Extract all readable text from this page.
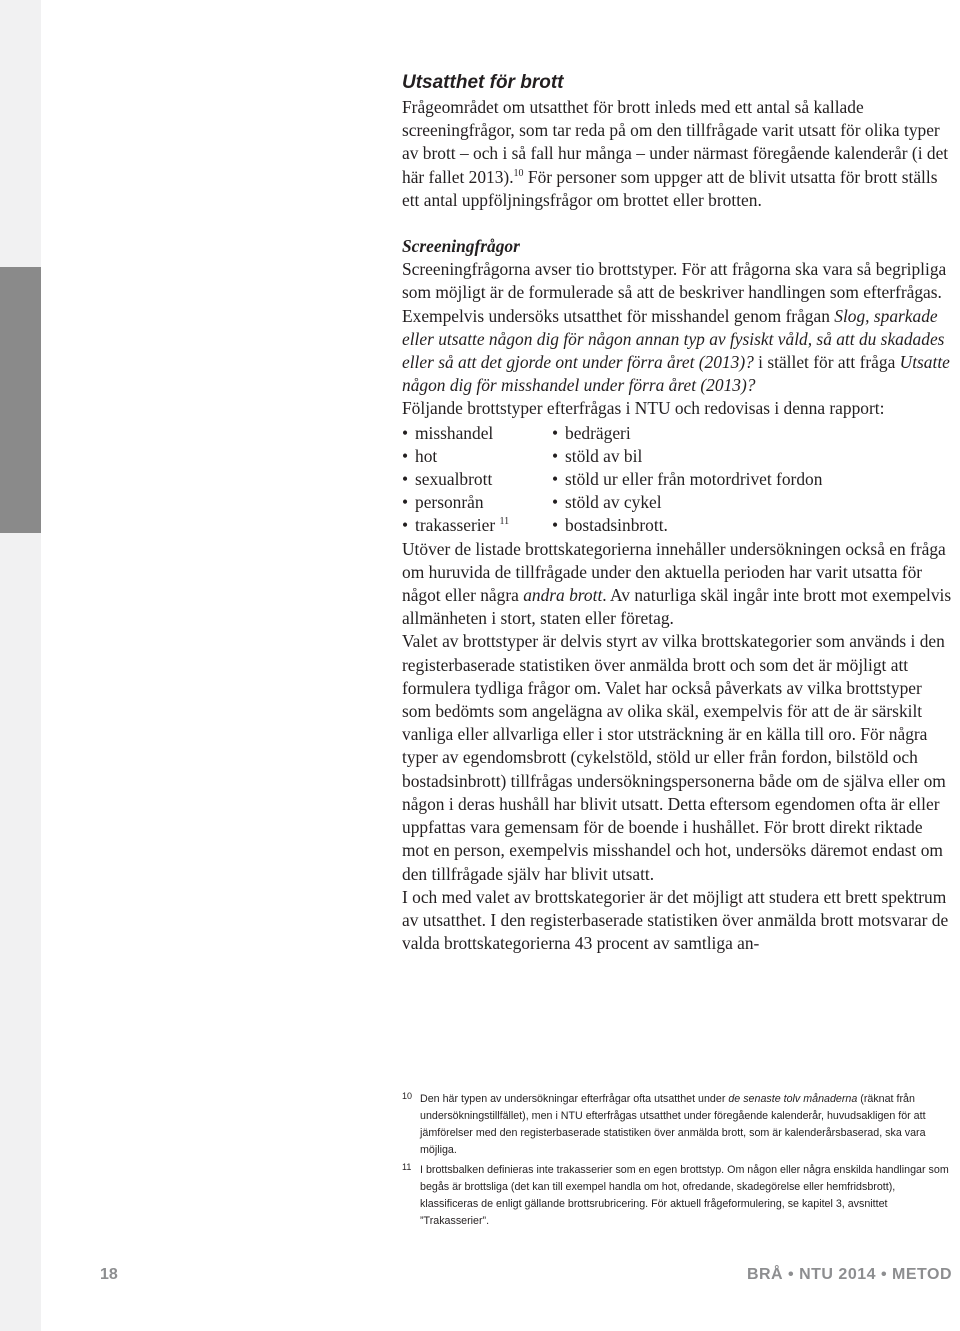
Utsatthet för brott

Frågeområdet om utsatthet för brott inleds med ett antal så kallade screeningfrågor, som tar reda på om den tillfrågade varit utsatt för olika typer av brott – och i så fall hur många – under närmast föregående kalenderår (i det här fallet 2013).$^{10}$ För personer som uppger att de blivit utsatta för brott ställs ett antal uppföljningsfrågor om brottet eller brotten.

Screeningfrågor

Screeningfrågorna avser tio brottstyper. För att frågorna ska vara så begripliga som möjligt är de formulerade så att de beskriver handlingen som efterfrågas. Exempelvis undersöks utsatthet för misshandel genom frågan Slog, sparkade eller utsatte någon dig för någon annan typ av fysiskt våld, så att du skadades eller så att det gjorde ont under förra året (2013)? i stället för att fråga Utsatte någon dig för misshandel under förra året (2013)?

Följande brottstyper efterfrågas i NTU och redovisas i denna rapport:

• misshandel	• bedrägeri
• hot	• stöld av bil
• sexualbrott	• stöld ur eller från motordrivet fordon
• personrån	• stöld av cykel
• trakasserier $^{11}$	• bostadsinbrott.

Utöver de listade brottskategorierna innehåller undersökningen också en fråga om huruvida de tillfrågade under den aktuella perioden har varit utsatta för något eller några andra brott. Av naturliga skäl ingår inte brott mot exempelvis allmänheten i stort, staten eller företag.

Valet av brottstyper är delvis styrt av vilka brottskategorier som används i den registerbaserade statistiken över anmälda brott och som det är möjligt att formulera tydliga frågor om. Valet har också påverkats av vilka brottstyper som bedömts som angelägna av olika skäl, exempelvis för att de är särskilt vanliga eller allvarliga eller i stor utsträckning är en källa till oro. För några typer av egendomsbrott (cykelstöld, stöld ur eller från fordon, bilstöld och bostadsinbrott) tillfrågas undersökningspersonerna både om de själva eller om någon i deras hushåll har blivit utsatt. Detta eftersom egendomen ofta är eller uppfattas vara gemensam för de boende i hushållet. För brott direkt riktade mot en person, exempelvis misshandel och hot, undersöks däremot endast om den tillfrågade själv har blivit utsatt.

I och med valet av brottskategorier är det möjligt att studera ett brett spektrum av utsatthet. I den registerbaserade statistiken över anmälda brott motsvarar de valda brottskategorierna 43 procent av samtliga an-

10 Den här typen av undersökningar efterfrågar ofta utsatthet under de senaste tolv månaderna (räknat från undersökningstillfället), men i NTU efterfrågas utsatthet under föregående kalenderår, huvudsakligen för att jämförelser med den registerbaserade statistiken över anmälda brott, som är kalenderårsbaserad, ska vara möjliga.
11 I brottsbalken definieras inte trakasserier som en egen brottstyp. Om någon eller några enskilda handlingar som begås är brottsliga (det kan till exempel handla om hot, ofredande, skadegörelse eller hemfridsbrott), klassificeras de enligt gällande brottsrubricering. För aktuell frågeformulering, se kapitel 3, avsnittet ”Trakasserier”.
18	BRÅ • NTU 2014 • METOD
